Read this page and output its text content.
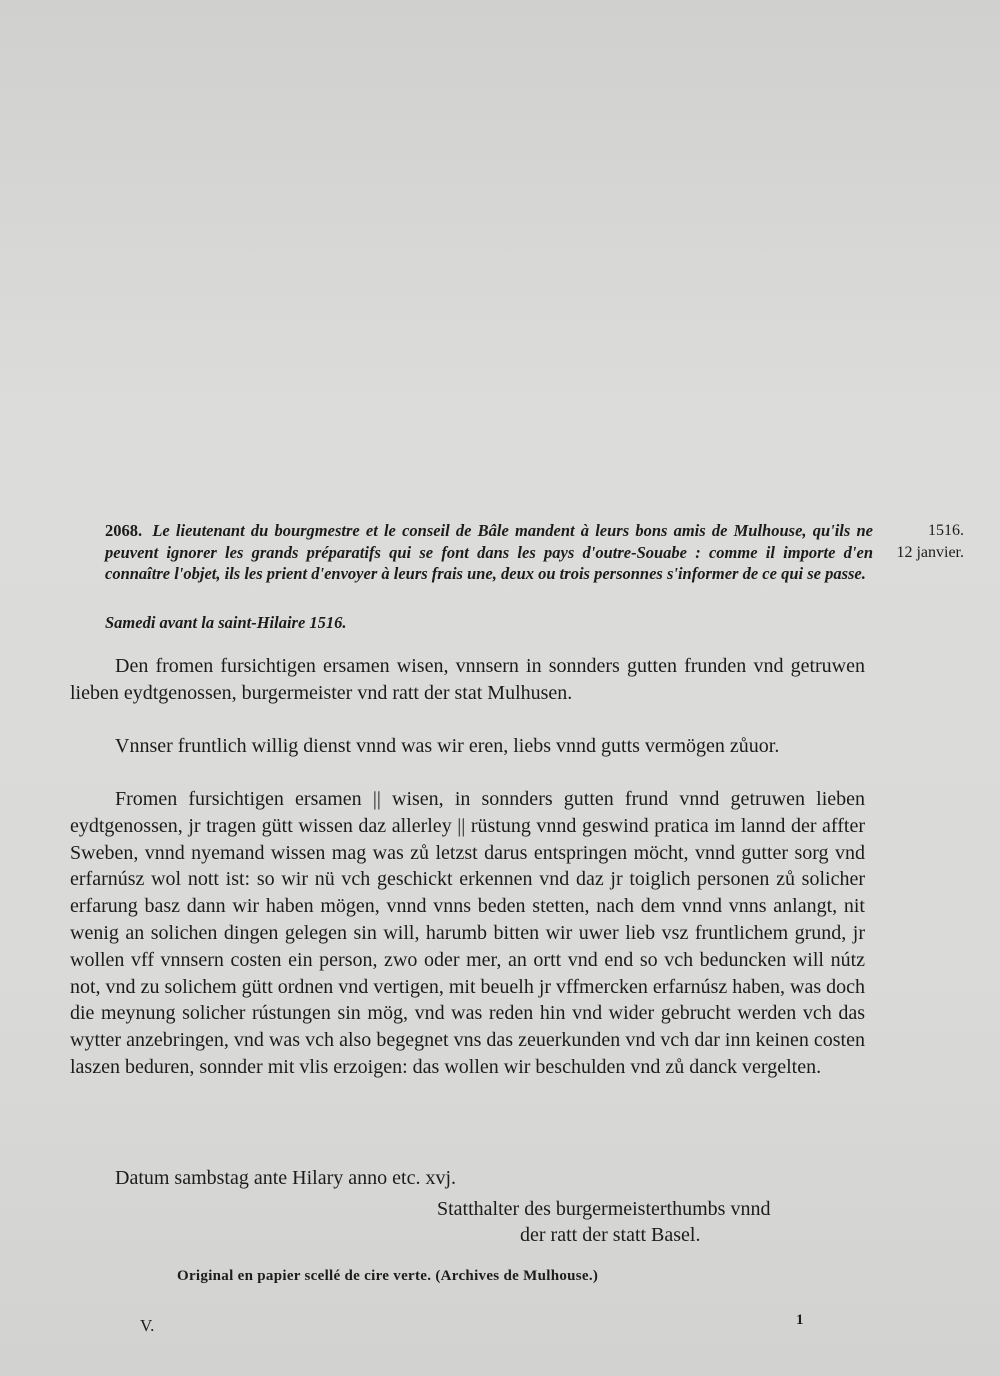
2068. Le lieutenant du bourgmestre et le conseil de Bâle mandent à leurs bons amis de Mulhouse, qu'ils ne peuvent ignorer les grands préparatifs qui se font dans les pays d'outre-Souabe : comme il importe d'en connaître l'objet, ils les prient d'envoyer à leurs frais une, deux ou trois personnes s'informer de ce qui se passe.
Samedi avant la saint-Hilaire 1516.
1516.
12 janvier.

Den fromen fursichtigen ersamen wisen, vnnsern in sonnders gutten frunden vnd getruwen lieben eydtgenossen, burgermeister vnd ratt der stat Mulhusen.

Vnnser fruntlich willig dienst vnnd was wir eren, liebs vnnd gutts vermögen zůuor.

Fromen fursichtigen ersamen || wisen, in sonnders gutten frund vnnd getruwen lieben eydtgenossen, jr tragen gütt wissen daz allerley || rüstung vnnd geswind pratica im lannd der affter Sweben, vnnd nyemand wissen mag was zů letzst darus entspringen möcht, vnnd gutter sorg vnd erfarnúsz wol nott ist: so wir nü vch geschickt erkennen vnd daz jr toiglich personen zů solicher erfarung basz dann wir haben mögen, vnnd vnns beden stetten, nach dem vnnd vnns anlangt, nit wenig an solichen dingen gelegen sin will, harumb bitten wir uwer lieb vsz fruntlichem grund, jr wollen vff vnnsern costen ein person, zwo oder mer, an ortt vnd end so vch beduncken will nútz not, vnd zu solichem gütt ordnen vnd vertigen, mit beuelh jr vffmercken erfarnúsz haben, was doch die meynung solicher rústungen sin mög, vnd was reden hin vnd wider gebrucht werden vch das wytter anzebringen, vnd was vch also begegnet vns das zeuerkunden vnd vch dar inn keinen costen laszen beduren, sonnder mit vlis erzoigen: das wollen wir beschulden vnd zů danck vergelten.

Datum sambstag ante Hilary anno etc. xvj.
Statthalter des burgermeisterthumbs vnnd
der ratt der statt Basel.
Original en papier scellé de cire verte. (Archives de Mulhouse.)
V.	1
